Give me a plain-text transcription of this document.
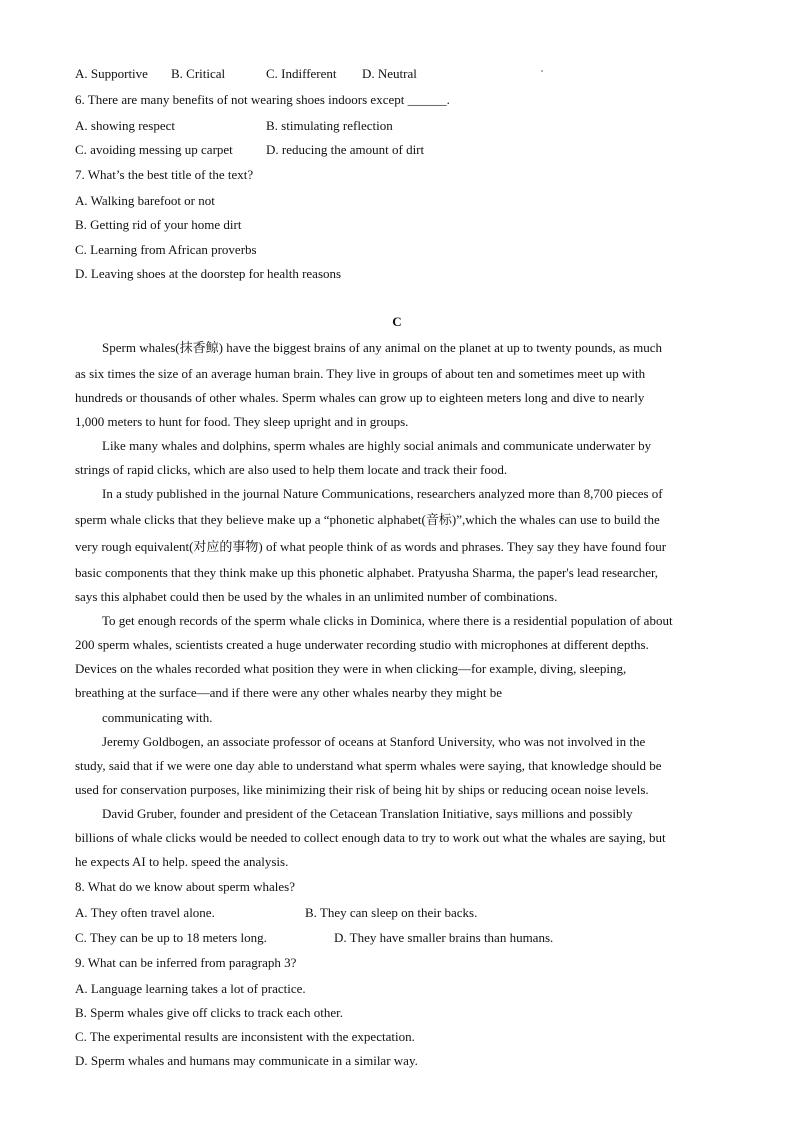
A. Supportive B. Critical	C. Indifferent D. Neutral
6. There are many benefits of not wearing shoes indoors except ______.
A. showing respect	B. stimulating reflection
C. avoiding messing up carpet	D. reducing the amount of dirt
7. What’s the best title of the text?
A. Walking barefoot or not
B. Getting rid of your home dirt
C. Learning from African proverbs
D. Leaving shoes at the doorstep for health reasons
C
Sperm whales(抹香鲸) have the biggest brains of any animal on the planet at up to twenty pounds, as much
as six times the size of an average human brain. They live in groups of about ten and sometimes meet up with
hundreds or thousands of other whales. Sperm whales can grow up to eighteen meters long and dive to nearly
1,000 meters to hunt for food. They sleep upright and in groups.
Like many whales and dolphins, sperm whales are highly social animals and communicate underwater by
strings of rapid clicks, which are also used to help them locate and track their food.
In a study published in the journal Nature Communications, researchers analyzed more than 8,700 pieces of
sperm whale clicks that they believe make up a “phonetic alphabet(音标)”,which the whales can use to build the
very rough equivalent(对应的事物) of what people think of as words and phrases. They say they have found four
basic components that they think make up this phonetic alphabet. Pratyusha Sharma, the paper's lead researcher,
says this alphabet could then be used by the whales in an unlimited number of combinations.
To get enough records of the sperm whale clicks in Dominica, where there is a residential population of about
200 sperm whales, scientists created a huge underwater recording studio with microphones at different depths.
Devices on the whales recorded what position they were in when clicking—for example, diving, sleeping,
breathing at the surface—and if there were any other whales nearby they might be
communicating with.
Jeremy Goldbogen, an associate professor of oceans at Stanford University, who was not involved in the
study, said that if we were one day able to understand what sperm whales were saying, that knowledge should be
used for conservation purposes, like minimizing their risk of being hit by ships or reducing ocean noise levels.
David Gruber, founder and president of the Cetacean Translation Initiative, says millions and possibly
billions of whale clicks would be needed to collect enough data to try to work out what the whales are saying, but
he expects AI to help. speed the analysis.
8. What do we know about sperm whales?
A. They often travel alone.	B. They can sleep on their backs.
C. They can be up to 18 meters long.	D. They have smaller brains than humans.
9. What can be inferred from paragraph 3?
A. Language learning takes a lot of practice.
B. Sperm whales give off clicks to track each other.
C. The experimental results are inconsistent with the expectation.
D. Sperm whales and humans may communicate in a similar way.
